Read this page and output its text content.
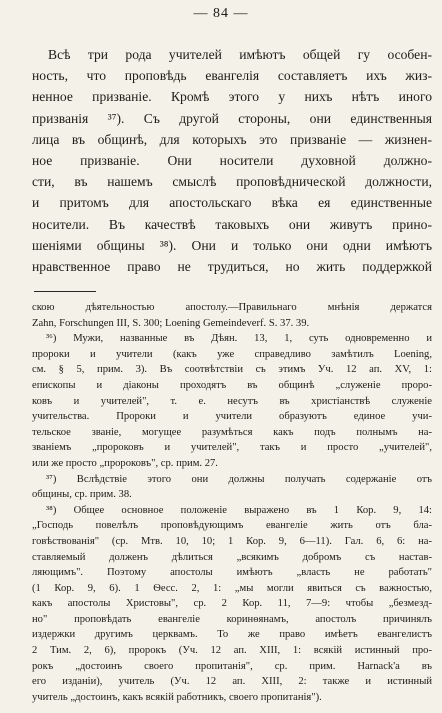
— 84 —

Всѣ три рода учителей имѣютъ общей гу особен-
ность, что проповѣдь евангелія составляетъ ихъ жиз-
ненное призваніе. Кромѣ этого у нихъ нѣтъ иного
призванія ³⁷). Съ другой стороны, они единственныя
лица въ общинѣ, для которыхъ это призваніе — жизнен-
ное призваніе. Они носители духовной должно-
сти, въ нашемъ смыслѣ проповѣднической должности,
и притомъ для апостольскаго вѣка ея единственные
носители. Въ качествѣ таковыхъ они живутъ прино-
шеніями общины ³⁸). Они и только они одни имѣютъ
нравственное право не трудиться, но жить поддержкой

скою дѣятельностью апостолу.—Правильнаго мнѣнія держатся
Zahn, Forschungen III, S. 300; Loening Gemeindeverf. S. 37. 39.
³⁶) Мужи, названные въ Дѣян. 13, 1, суть одновременно и
пророки и учители (какъ уже справедливо замѣтилъ Loening,
см. § 5, прим. 3). Въ соотвѣтствіи съ этимъ Уч. 12 ап. XV, 1:
епископы и діаконы проходятъ въ общинѣ „служеніе проро-
ковъ и учителей", т. е. несутъ въ христіанствѣ служеніе
учительства. Пророки и учители образуютъ единое учи-
тельское званіе, могущее разумѣться какъ подъ полнымъ на-
званіемъ „пророковъ и учителей", такъ и просто „учителей",
или же просто „пророковъ", ср. прим. 27.
³⁷) Вслѣдствіе этого они должны получать содержаніе отъ
общины, ср. прим. 38.
³⁸) Общее основное положеніе выражено въ 1 Кор. 9, 14:
„Господь повелѣлъ проповѣдующимъ евангеліе жить отъ бла-
говѣствованія" (ср. Мтв. 10, 10; 1 Кор. 9, 6—11). Гал. 6, 6: на-
ставляемый долженъ дѣлиться „всякимъ добромъ съ настав-
ляющимъ". Поэтому апостолы имѣютъ „власть не работать"
(1 Кор. 9, 6). 1 Ѳесс. 2, 1: „мы могли явиться съ важностью,
какъ апостолы Христовы", ср. 2 Кор. 11, 7—9: чтобы „безмезд-
но" проповѣдать евангеліе коринѳянамъ, апостолъ причинялъ
издержки другимъ церквамъ. То же право имѣетъ евангелистъ
2 Тим. 2, 6), пророкъ (Уч. 12 ап. XIII, 1: всякій истинный про-
рокъ „достоинъ своего пропитанія", ср. прим. Harnack'a въ
его изданіи), учитель (Уч. 12 ап. XIII, 2: также и истинный
учитель „достоинъ, какъ всякій работникъ, своего пропитанія").
